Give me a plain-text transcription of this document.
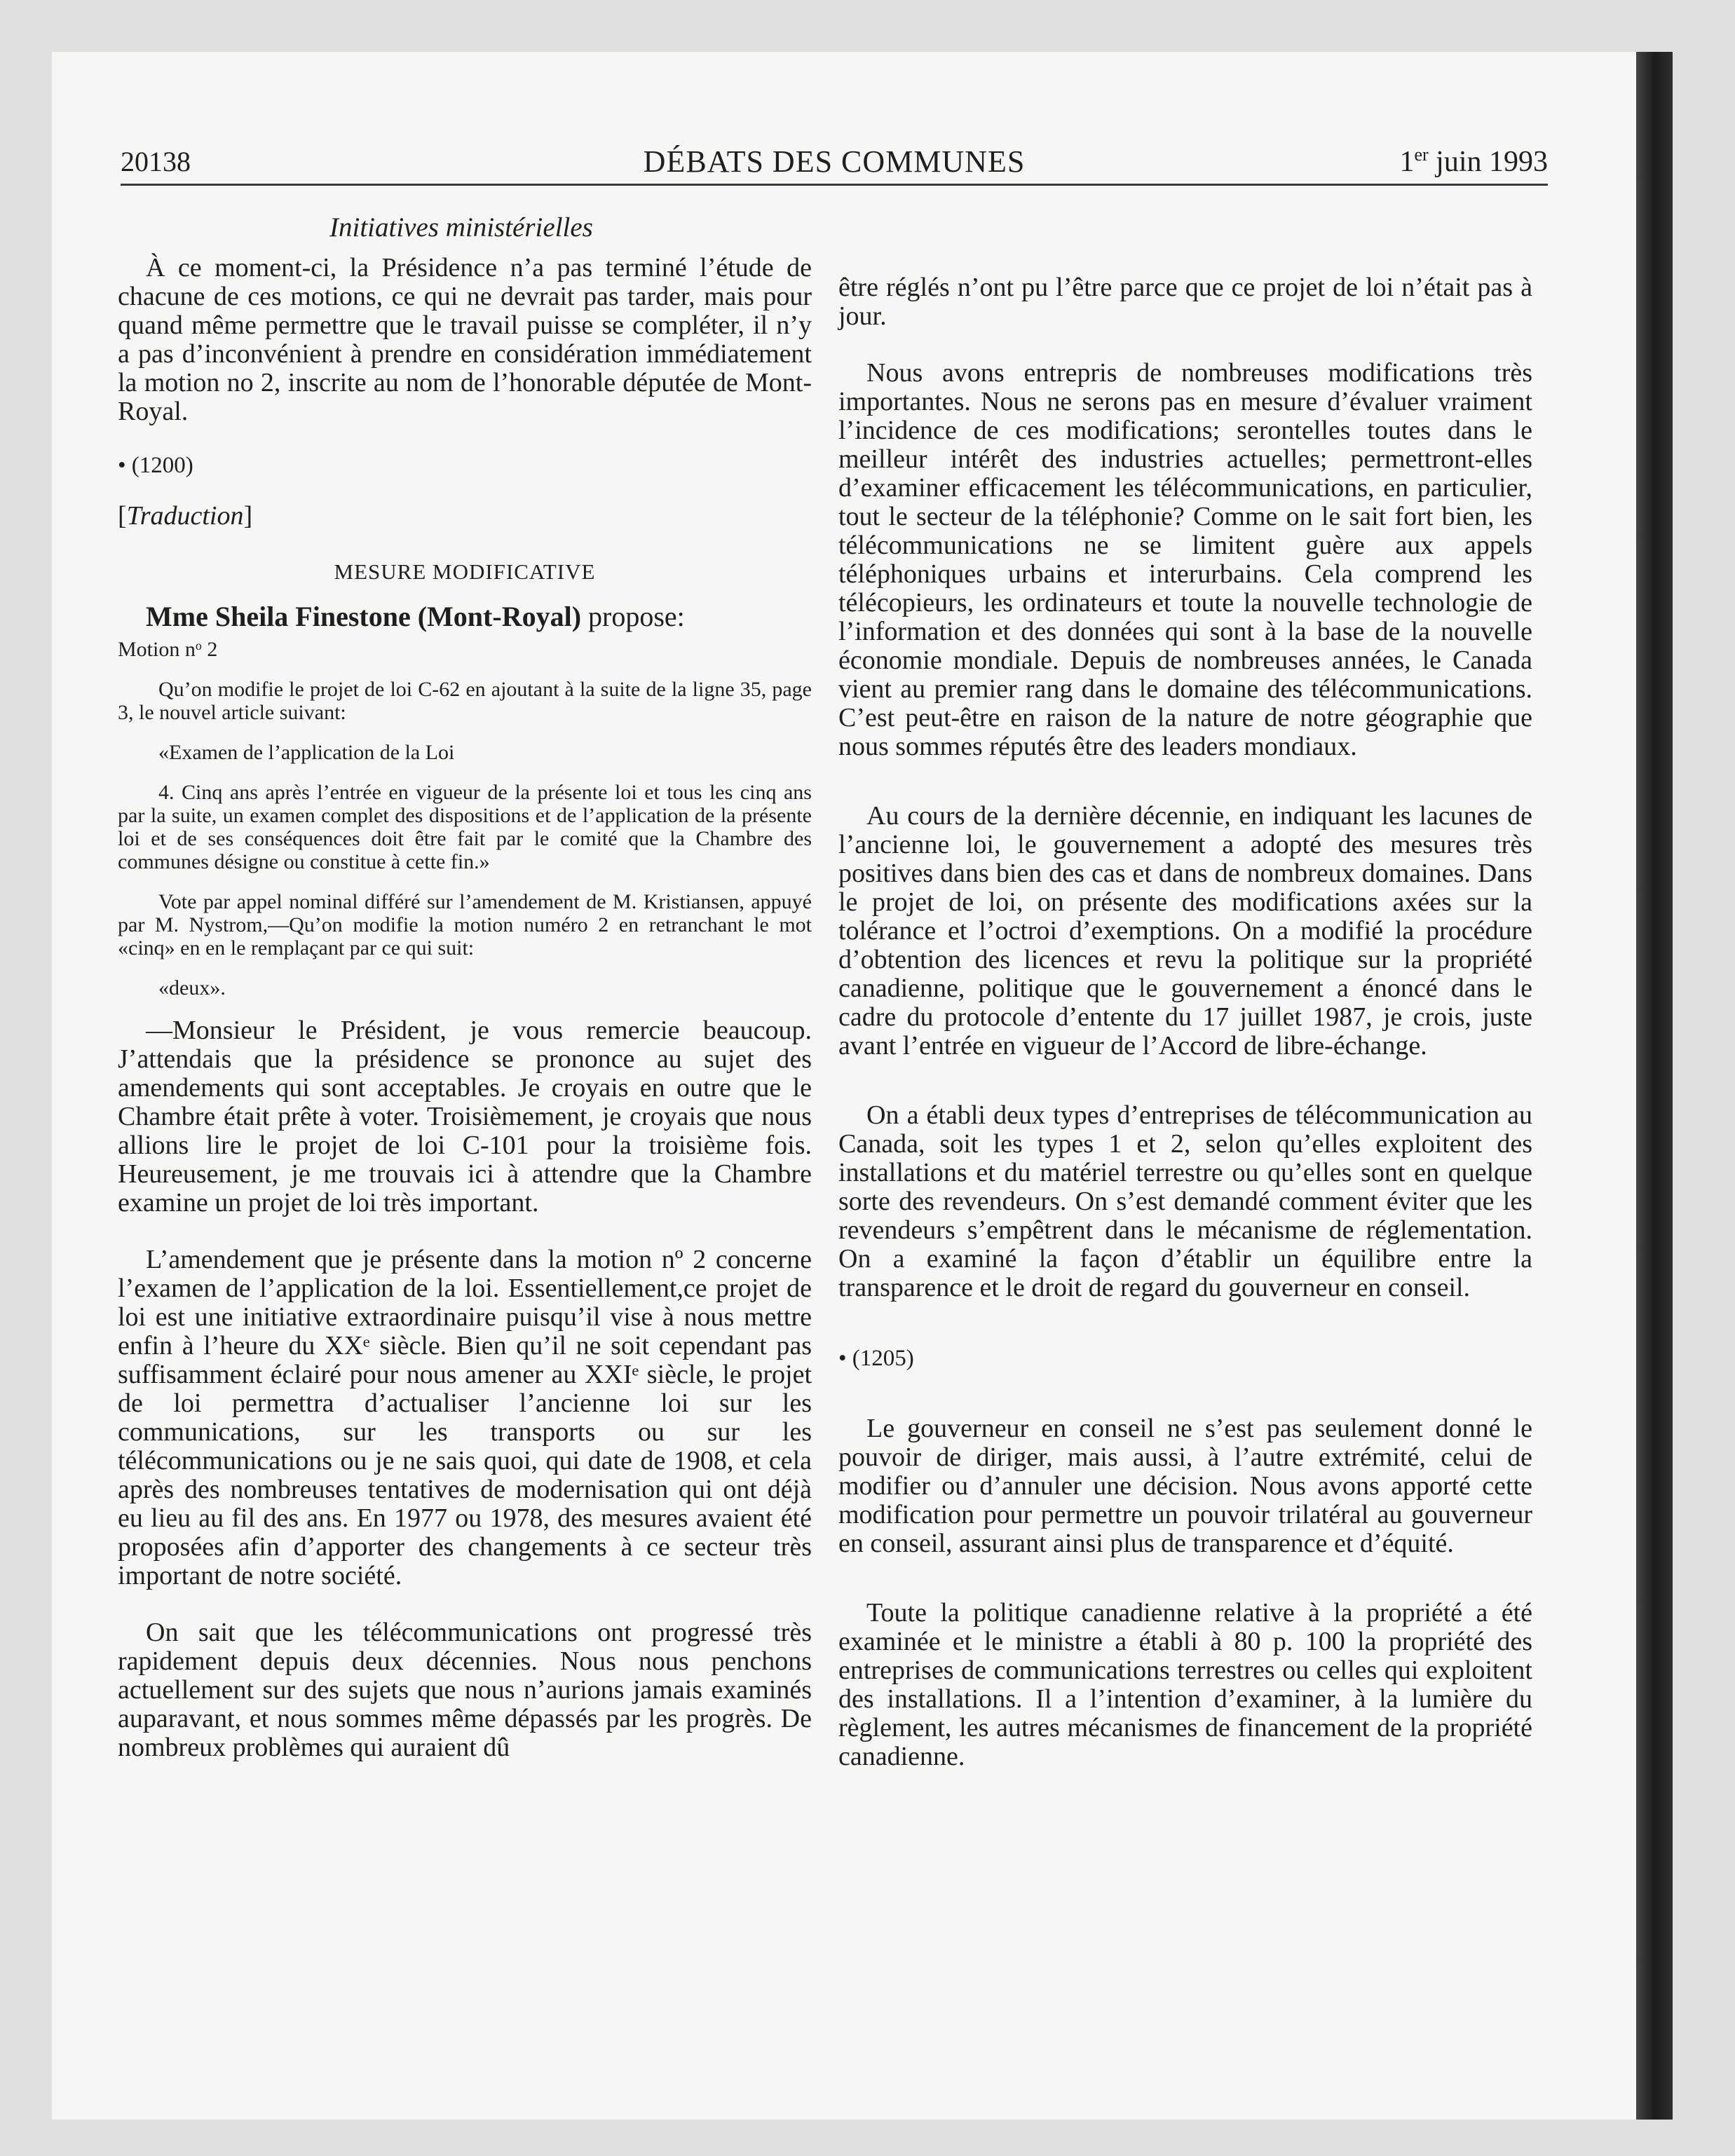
20138	DÉBATS DES COMMUNES	1er juin 1993

Initiatives ministérielles

À ce moment-ci, la Présidence n’a pas terminé l’étude de chacune de ces motions, ce qui ne devrait pas tarder, mais pour quand même permettre que le travail puisse se compléter, il n’y a pas d’inconvénient à prendre en considération immédiatement la motion no 2, inscrite au nom de l’honorable députée de Mont-Royal.

• (1200)

[Traduction]

MESURE MODIFICATIVE

Mme Sheila Finestone (Mont-Royal) propose:

Motion $n^o$ 2

Qu’on modifie le projet de loi C-62 en ajoutant à la suite de la ligne 35, page 3, le nouvel article suivant:

«Examen de l’application de la Loi

4. Cinq ans après l’entrée en vigueur de la présente loi et tous les cinq ans par la suite, un examen complet des dispositions et de l’application de la présente loi et de ses conséquences doit être fait par le comité que la Chambre des communes désigne ou constitue à cette fin.»

Vote par appel nominal différé sur l’amendement de M. Kristiansen, appuyé par M. Nystrom,—Qu’on modifie la motion numéro 2 en retranchant le mot «cinq» en en le remplaçant par ce qui suit:

«deux».

—Monsieur le Président, je vous remercie beaucoup. J’attendais que la présidence se prononce au sujet des amendements qui sont acceptables. Je croyais en outre que le Chambre était prête à voter. Troisièmement, je croyais que nous allions lire le projet de loi C-101 pour la troisième fois. Heureusement, je me trouvais ici à attendre que la Chambre examine un projet de loi très important.

L’amendement que je présente dans la motion nº 2 concerne l’examen de l’application de la loi. Essentiellement,ce projet de loi est une initiative extraordinaire puisqu’il vise à nous mettre enfin à l’heure du XXᵉ siècle. Bien qu’il ne soit cependant pas suffisamment éclairé pour nous amener au XXIᵉ siècle, le projet de loi permettra d’actualiser l’ancienne loi sur les communications, sur les transports ou sur les télécommunications ou je ne sais quoi, qui date de 1908, et cela après des nombreuses tentatives de modernisation qui ont déjà eu lieu au fil des ans. En 1977 ou 1978, des mesures avaient été proposées afin d’apporter des changements à ce secteur très important de notre société.

On sait que les télécommunications ont progressé très rapidement depuis deux décennies. Nous nous penchons actuellement sur des sujets que nous n’aurions jamais examinés auparavant, et nous sommes même dépassés par les progrès. De nombreux problèmes qui auraient dû

être réglés n’ont pu l’être parce que ce projet de loi n’était pas à jour.

Nous avons entrepris de nombreuses modifications très importantes. Nous ne serons pas en mesure d’évaluer vraiment l’incidence de ces modifications; serontelles toutes dans le meilleur intérêt des industries actuelles; permettront-elles d’examiner efficacement les télécommunications, en particulier, tout le secteur de la téléphonie? Comme on le sait fort bien, les télécommunications ne se limitent guère aux appels téléphoniques urbains et interurbains. Cela comprend les télécopieurs, les ordinateurs et toute la nouvelle technologie de l’information et des données qui sont à la base de la nouvelle économie mondiale. Depuis de nombreuses années, le Canada vient au premier rang dans le domaine des télécommunications. C’est peut-être en raison de la nature de notre géographie que nous sommes réputés être des leaders mondiaux.

Au cours de la dernière décennie, en indiquant les lacunes de l’ancienne loi, le gouvernement a adopté des mesures très positives dans bien des cas et dans de nombreux domaines. Dans le projet de loi, on présente des modifications axées sur la tolérance et l’octroi d’exemptions. On a modifié la procédure d’obtention des licences et revu la politique sur la propriété canadienne, politique que le gouvernement a énoncé dans le cadre du protocole d’entente du 17 juillet 1987, je crois, juste avant l’entrée en vigueur de l’Accord de libre-échange.

On a établi deux types d’entreprises de télécommunication au Canada, soit les types 1 et 2, selon qu’elles exploitent des installations et du matériel terrestre ou qu’elles sont en quelque sorte des revendeurs. On s’est demandé comment éviter que les revendeurs s’empêtrent dans le mécanisme de réglementation. On a examiné la façon d’établir un équilibre entre la transparence et le droit de regard du gouverneur en conseil.

• (1205)

Le gouverneur en conseil ne s’est pas seulement donné le pouvoir de diriger, mais aussi, à l’autre extrémité, celui de modifier ou d’annuler une décision. Nous avons apporté cette modification pour permettre un pouvoir trilatéral au gouverneur en conseil, assurant ainsi plus de transparence et d’équité.

Toute la politique canadienne relative à la propriété a été examinée et le ministre a établi à 80 p. 100 la propriété des entreprises de communications terrestres ou celles qui exploitent des installations. Il a l’intention d’examiner, à la lumière du règlement, les autres mécanismes de financement de la propriété canadienne.
